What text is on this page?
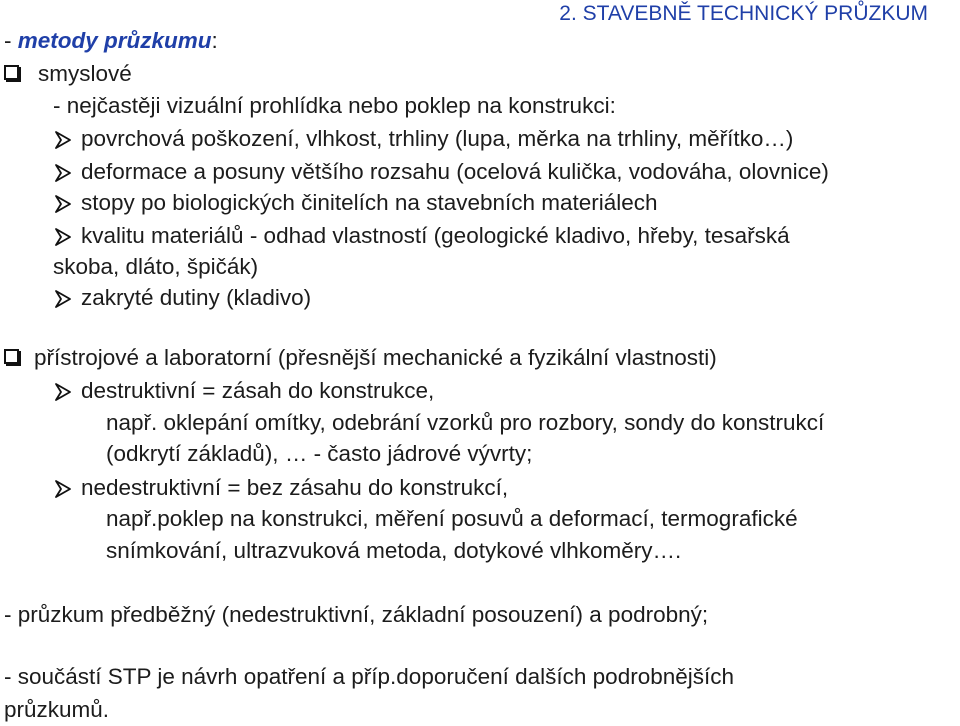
2. STAVEBNĚ TECHNICKÝ PRŮZKUM
- metody průzkumu:
smyslové
- nejčastěji vizuální prohlídka nebo poklep na konstrukci:
povrchová poškození, vlhkost, trhliny (lupa, měrka na trhliny, měřítko…)
deformace a posuny většího rozsahu (ocelová kulička, vodováha, olovnice)
stopy po biologických činitelích na stavebních materiálech
kvalitu materiálů - odhad vlastností (geologické kladivo, hřeby, tesařská
skoba, dláto, špičák)
zakryté dutiny (kladivo)
přístrojové a laboratorní (přesnější mechanické a fyzikální vlastnosti)
destruktivní = zásah do konstrukce,
např. oklepání omítky, odebrání vzorků pro rozbory, sondy do konstrukcí
(odkrytí základů), … - často jádrové vývrty;
nedestruktivní = bez zásahu do konstrukcí,
např.poklep na konstrukci, měření posuvů a deformací, termografické
snímkování, ultrazvuková metoda, dotykové vlhkoměry….
- průzkum předběžný (nedestruktivní, základní posouzení) a podrobný;
- součástí STP je návrh opatření a příp.doporučení dalších podrobnějších
průzkumů.
